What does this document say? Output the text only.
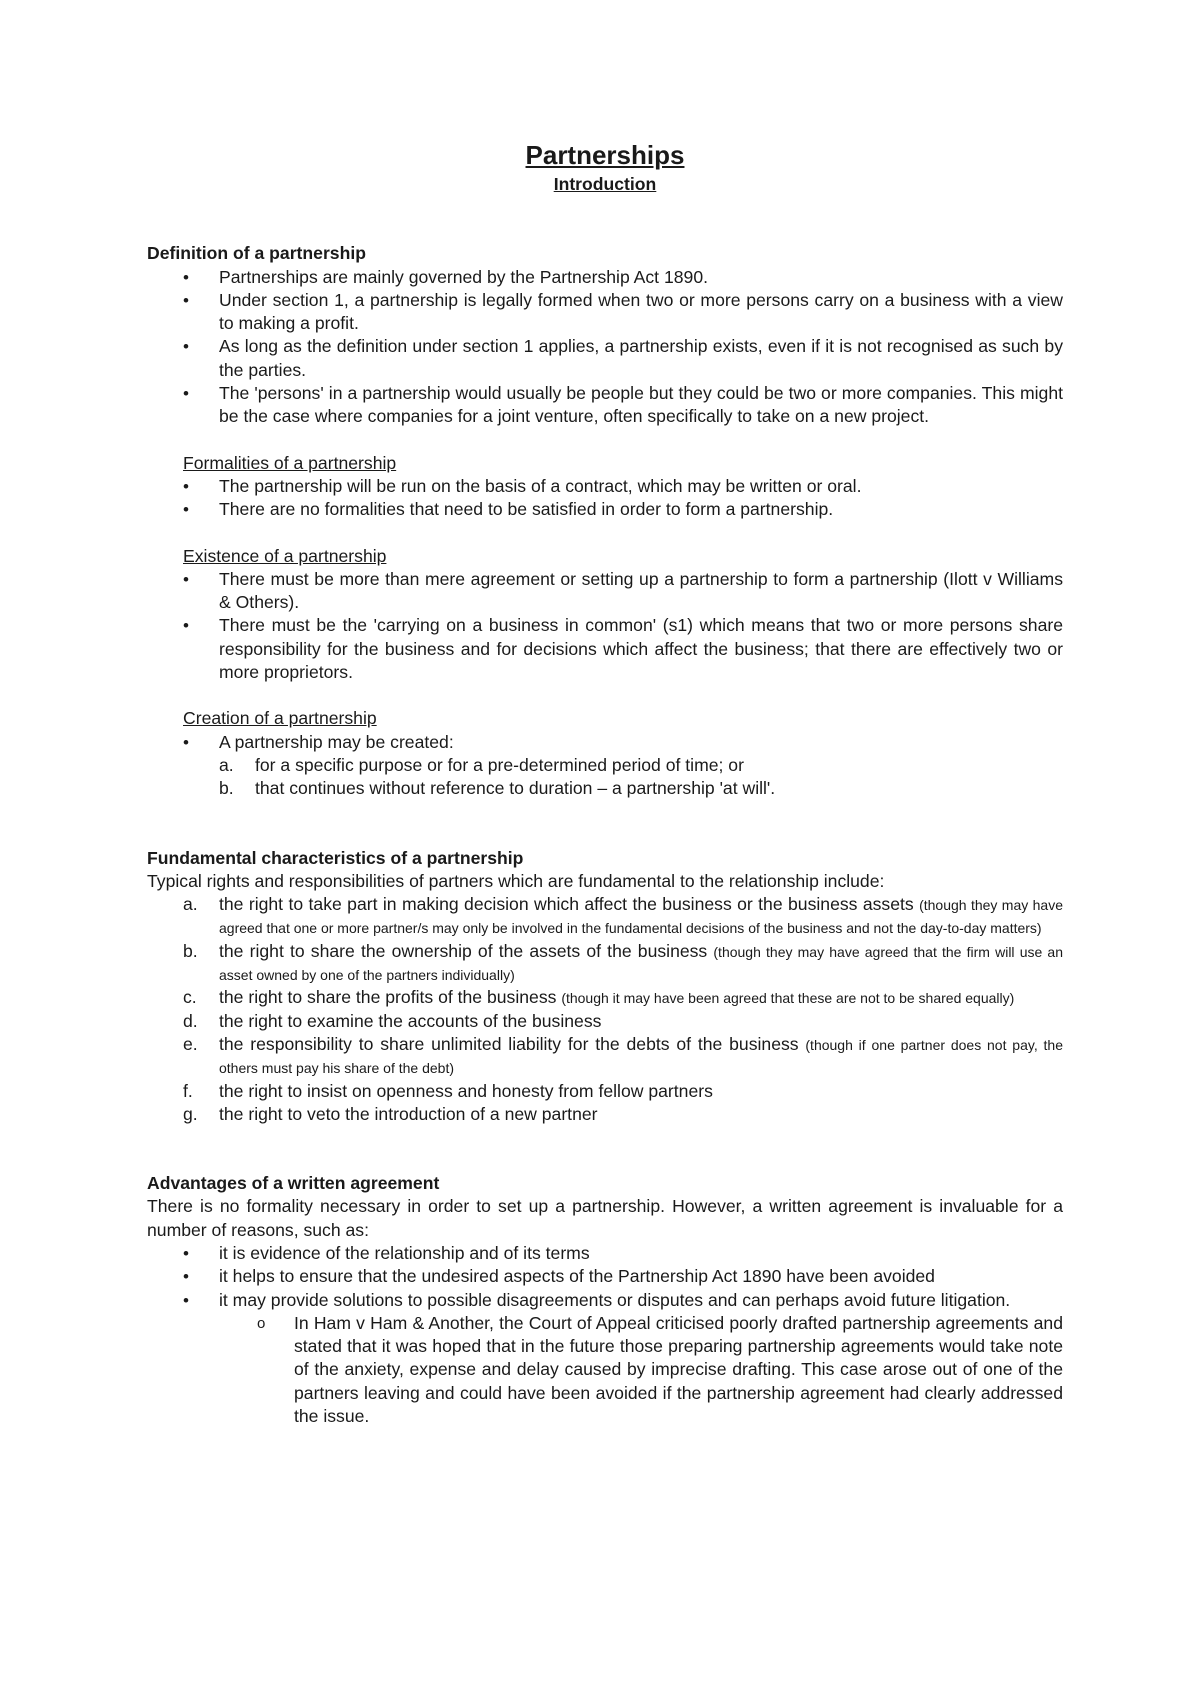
Partnerships

Introduction

Definition of a partnership

• Partnerships are mainly governed by the Partnership Act 1890.
• Under section 1, a partnership is legally formed when two or more persons carry on a business with a view to making a profit.
• As long as the definition under section 1 applies, a partnership exists, even if it is not recognised as such by the parties.
• The 'persons' in a partnership would usually be people but they could be two or more companies. This might be the case where companies for a joint venture, often specifically to take on a new project.

Formalities of a partnership

• The partnership will be run on the basis of a contract, which may be written or oral.
• There are no formalities that need to be satisfied in order to form a partnership.

Existence of a partnership

• There must be more than mere agreement or setting up a partnership to form a partnership (Ilott v Williams & Others).
• There must be the 'carrying on a business in common' (s1) which means that two or more persons share responsibility for the business and for decisions which affect the business; that there are effectively two or more proprietors.

Creation of a partnership

• A partnership may be created:
a. for a specific purpose or for a pre-determined period of time; or
b. that continues without reference to duration – a partnership 'at will'.

Fundamental characteristics of a partnership

Typical rights and responsibilities of partners which are fundamental to the relationship include:

a. the right to take part in making decision which affect the business or the business assets (though they may have agreed that one or more partner/s may only be involved in the fundamental decisions of the business and not the day-to-day matters)
b. the right to share the ownership of the assets of the business (though they may have agreed that the firm will use an asset owned by one of the partners individually)
c. the right to share the profits of the business (though it may have been agreed that these are not to be shared equally)
d. the right to examine the accounts of the business
e. the responsibility to share unlimited liability for the debts of the business (though if one partner does not pay, the others must pay his share of the debt)
f. the right to insist on openness and honesty from fellow partners
g. the right to veto the introduction of a new partner

Advantages of a written agreement

There is no formality necessary in order to set up a partnership. However, a written agreement is invaluable for a number of reasons, such as:

• it is evidence of the relationship and of its terms
• it helps to ensure that the undesired aspects of the Partnership Act 1890 have been avoided
• it may provide solutions to possible disagreements or disputes and can perhaps avoid future litigation.
o In Ham v Ham & Another, the Court of Appeal criticised poorly drafted partnership agreements and stated that it was hoped that in the future those preparing partnership agreements would take note of the anxiety, expense and delay caused by imprecise drafting. This case arose out of one of the partners leaving and could have been avoided if the partnership agreement had clearly addressed the issue.
